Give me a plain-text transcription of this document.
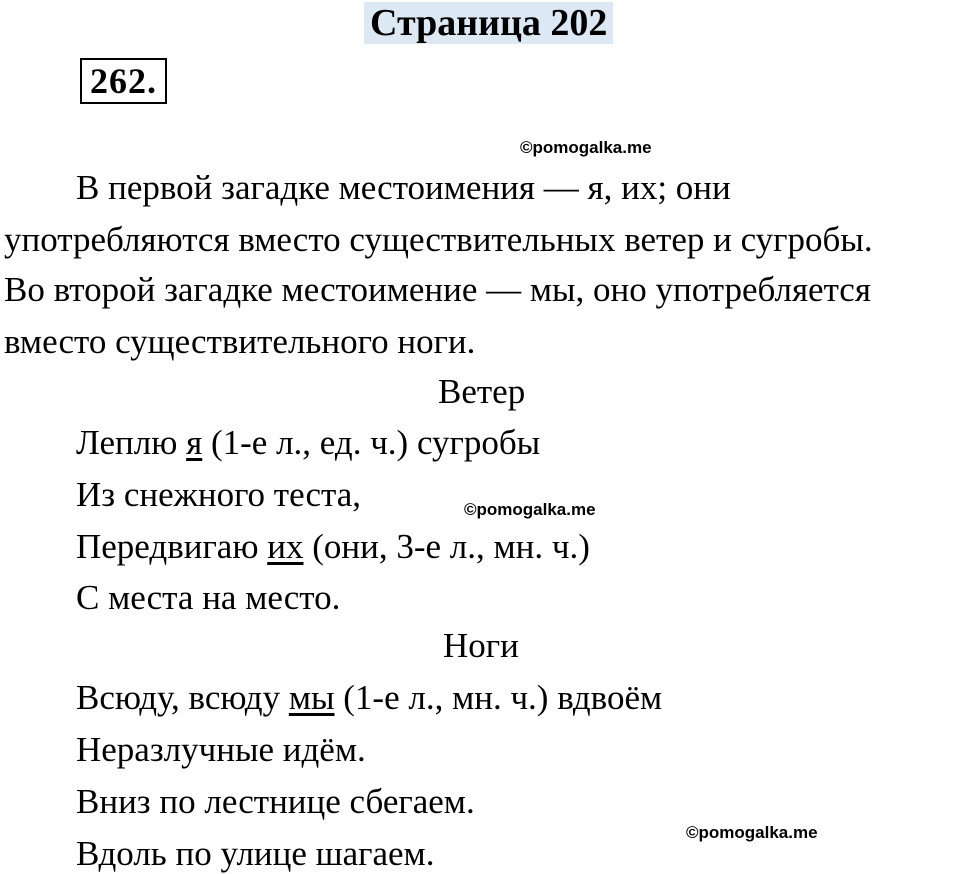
Страница 202
262.
©pomogalka.me
В первой загадке местоимения — я, их; они
употребляются вместо существительных ветер и сугробы.
Во второй загадке местоимение — мы, оно употребляется
вместо существительного ноги.
Ветер
Леплю я (1-е л., ед. ч.) сугробы
Из снежного теста,	©pomogalka.me
Передвигаю их (они, 3-е л., мн. ч.)
С места на место.
Ноги
Всюду, всюду мы (1-е л., мн. ч.) вдвоём
Неразлучные идём.
Вниз по лестнице сбегаем.
©pomogalka.me
Вдоль по улице шагаем.
